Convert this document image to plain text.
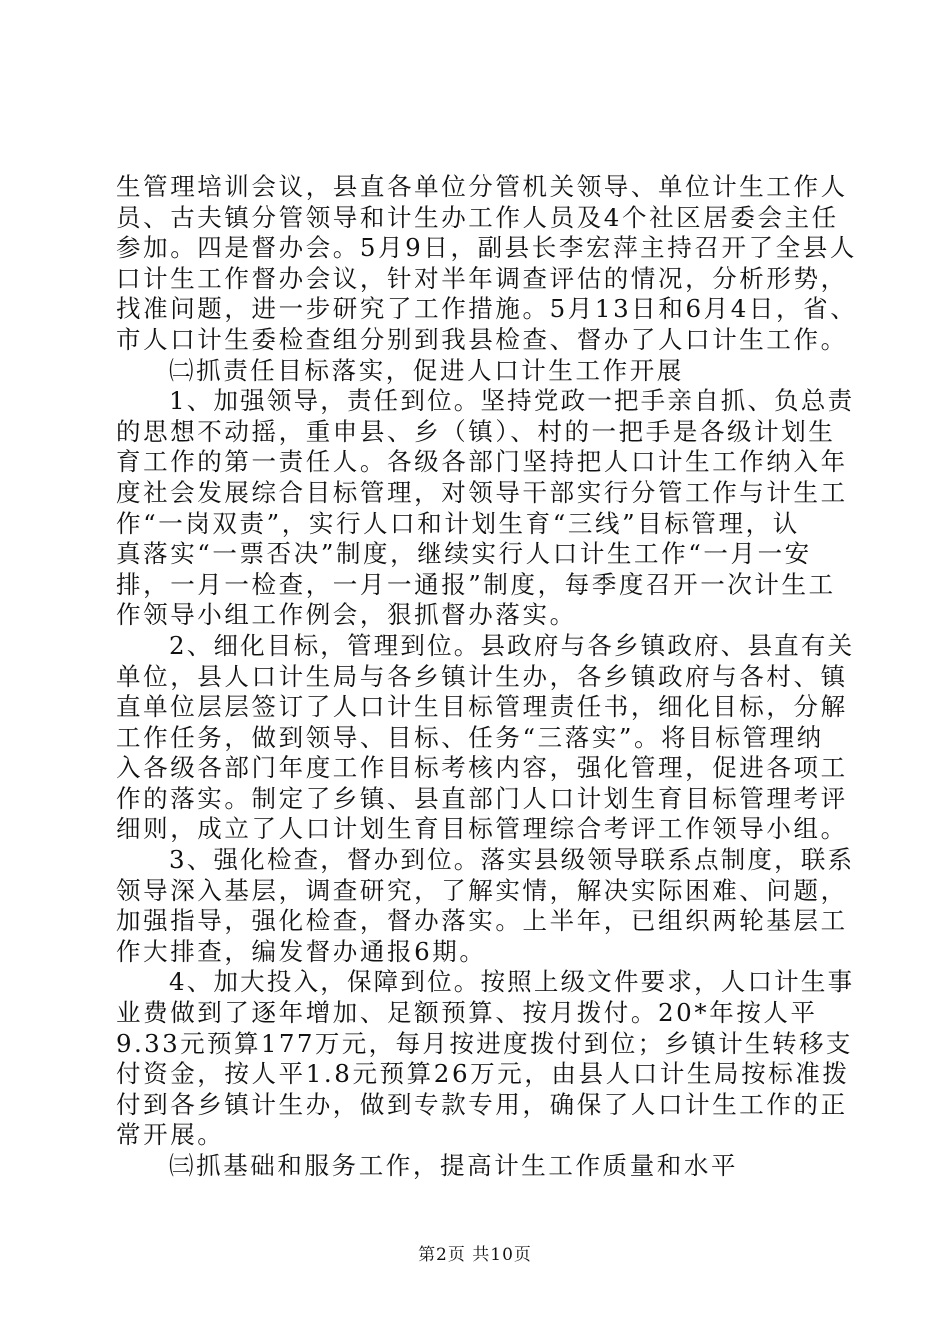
生管理培训会议，县直各单位分管机关领导、单位计生工作人
员、古夫镇分管领导和计生办工作人员及4个社区居委会主任
参加。四是督办会。5月9日，副县长李宏萍主持召开了全县人
口计生工作督办会议，针对半年调查评估的情况，分析形势，
找准问题，进一步研究了工作措施。5月13日和6月4日，省、
市人口计生委检查组分别到我县检查、督办了人口计生工作。
㈡抓责任目标落实，促进人口计生工作开展
1、加强领导，责任到位。坚持党政一把手亲自抓、负总责
的思想不动摇，重申县、乡（镇）、村的一把手是各级计划生
育工作的第一责任人。各级各部门坚持把人口计生工作纳入年
度社会发展综合目标管理，对领导干部实行分管工作与计生工
作“一岗双责”，实行人口和计划生育“三线”目标管理，认
真落实“一票否决”制度，继续实行人口计生工作“一月一安
排，一月一检查，一月一通报”制度，每季度召开一次计生工
作领导小组工作例会，狠抓督办落实。
2、细化目标，管理到位。县政府与各乡镇政府、县直有关
单位，县人口计生局与各乡镇计生办，各乡镇政府与各村、镇
直单位层层签订了人口计生目标管理责任书，细化目标，分解
工作任务，做到领导、目标、任务“三落实”。将目标管理纳
入各级各部门年度工作目标考核内容，强化管理，促进各项工
作的落实。制定了乡镇、县直部门人口计划生育目标管理考评
细则，成立了人口计划生育目标管理综合考评工作领导小组。
3、强化检查，督办到位。落实县级领导联系点制度，联系
领导深入基层，调查研究，了解实情，解决实际困难、问题，
加强指导，强化检查，督办落实。上半年，已组织两轮基层工
作大排查，编发督办通报6期。
4、加大投入，保障到位。按照上级文件要求，人口计生事
业费做到了逐年增加、足额预算、按月拨付。20*年按人平
9.33元预算177万元，每月按进度拨付到位；乡镇计生转移支
付资金，按人平1.8元预算26万元，由县人口计生局按标准拨
付到各乡镇计生办，做到专款专用，确保了人口计生工作的正
常开展。
㈢抓基础和服务工作，提高计生工作质量和水平
第2页 共10页
